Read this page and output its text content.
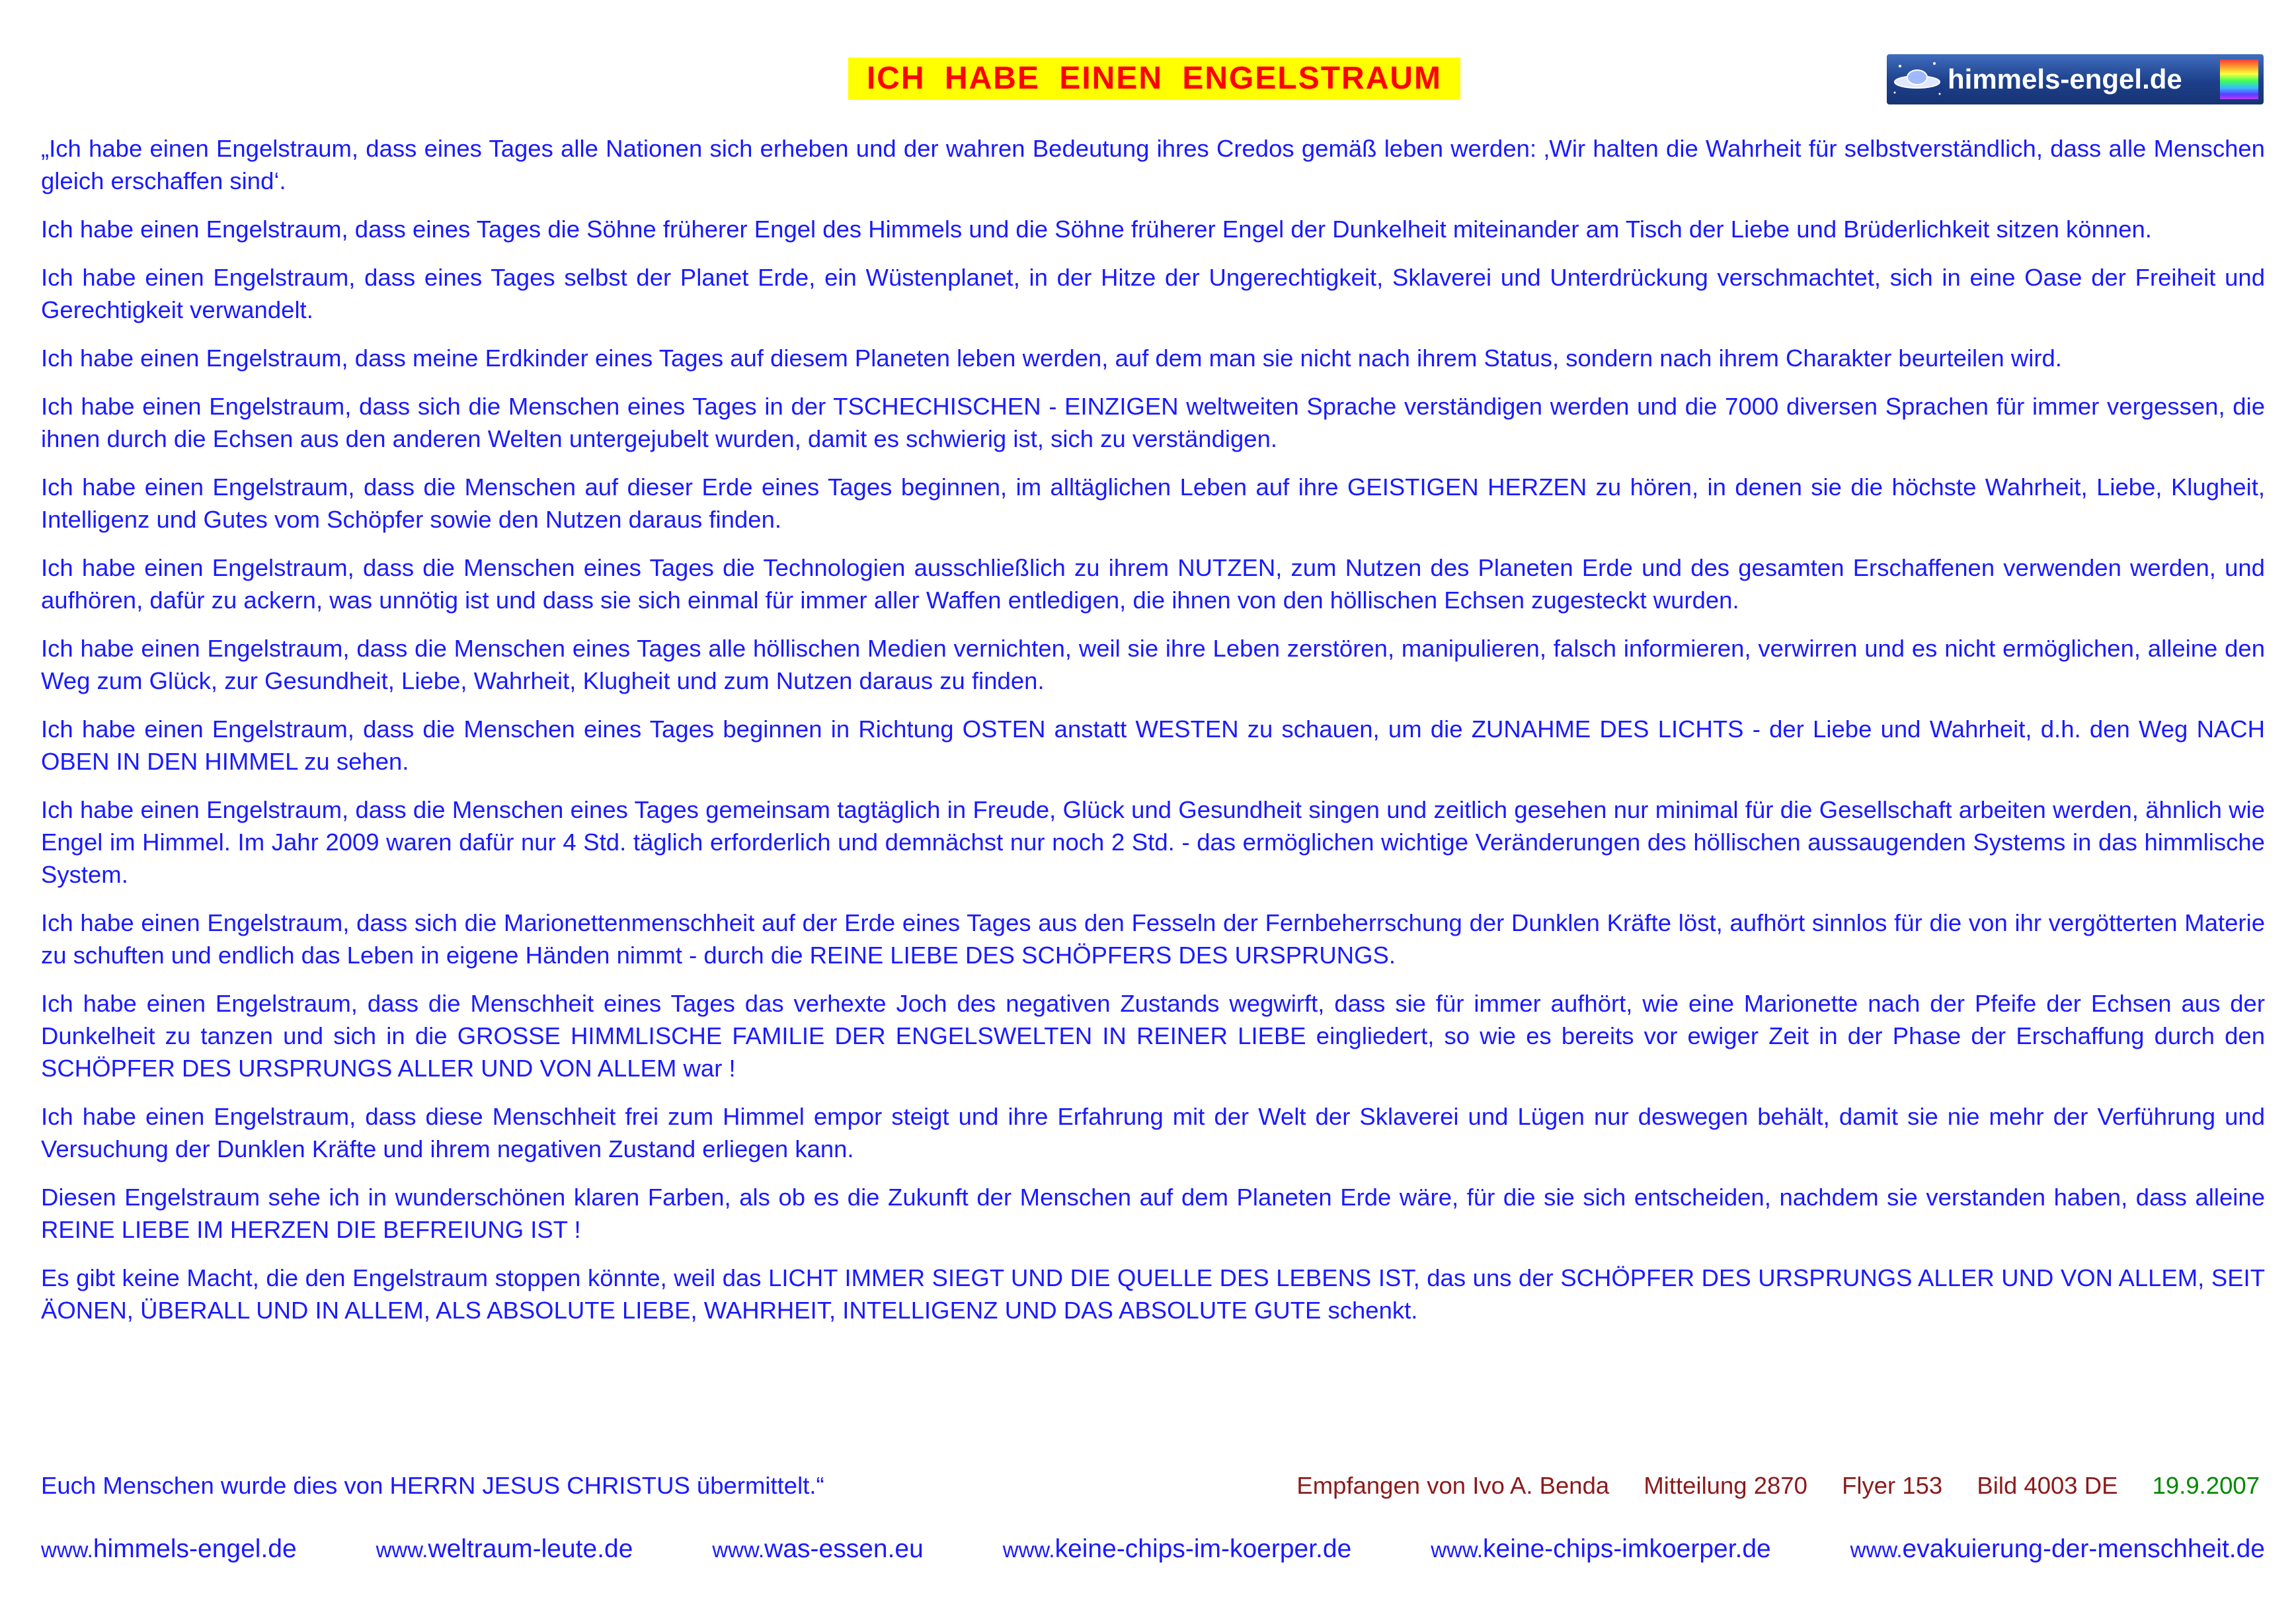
ICH HABE EINEN ENGELSTRAUM	himmels-engel.de

„Ich habe einen Engelstraum, dass eines Tages alle Nationen sich erheben und der wahren Bedeutung ihres Credos gemäß leben werden: ‚Wir halten die Wahrheit für selbstverständlich, dass alle Menschen gleich erschaffen sind‘.

Ich habe einen Engelstraum, dass eines Tages die Söhne früherer Engel des Himmels und die Söhne früherer Engel der Dunkelheit miteinander am Tisch der Liebe und Brüderlichkeit sitzen können.

Ich habe einen Engelstraum, dass eines Tages selbst der Planet Erde, ein Wüstenplanet, in der Hitze der Ungerechtigkeit, Sklaverei und Unterdrückung verschmachtet, sich in eine Oase der Freiheit und Gerechtigkeit verwandelt.

Ich habe einen Engelstraum, dass meine Erdkinder eines Tages auf diesem Planeten leben werden, auf dem man sie nicht nach ihrem Status, sondern nach ihrem Charakter beurteilen wird.

Ich habe einen Engelstraum, dass sich die Menschen eines Tages in der TSCHECHISCHEN - EINZIGEN weltweiten Sprache verständigen werden und die 7000 diversen Sprachen für immer vergessen, die ihnen durch die Echsen aus den anderen Welten untergejubelt wurden, damit es schwierig ist, sich zu verständigen.

Ich habe einen Engelstraum, dass die Menschen auf dieser Erde eines Tages beginnen, im alltäglichen Leben auf ihre GEISTIGEN HERZEN zu hören, in denen sie die höchste Wahrheit, Liebe, Klugheit, Intelligenz und Gutes vom Schöpfer sowie den Nutzen daraus finden.

Ich habe einen Engelstraum, dass die Menschen eines Tages die Technologien ausschließlich zu ihrem NUTZEN, zum Nutzen des Planeten Erde und des gesamten Erschaffenen verwenden werden, und aufhören, dafür zu ackern, was unnötig ist und dass sie sich einmal für immer aller Waffen entledigen, die ihnen von den höllischen Echsen zugesteckt wurden.

Ich habe einen Engelstraum, dass die Menschen eines Tages alle höllischen Medien vernichten, weil sie ihre Leben zerstören, manipulieren, falsch informieren, verwirren und es nicht ermöglichen, alleine den Weg zum Glück, zur Gesundheit, Liebe, Wahrheit, Klugheit und zum Nutzen daraus zu finden.

Ich habe einen Engelstraum, dass die Menschen eines Tages beginnen in Richtung OSTEN anstatt WESTEN zu schauen, um die ZUNAHME DES LICHTS - der Liebe und Wahrheit, d.h. den Weg NACH OBEN IN DEN HIMMEL zu sehen.

Ich habe einen Engelstraum, dass die Menschen eines Tages gemeinsam tagtäglich in Freude, Glück und Gesundheit singen und zeitlich gesehen nur minimal für die Gesellschaft arbeiten werden, ähnlich wie Engel im Himmel. Im Jahr 2009 waren dafür nur 4 Std. täglich erforderlich und demnächst nur noch 2 Std. - das ermöglichen wichtige Veränderungen des höllischen aussaugenden Systems in das himmlische System.

Ich habe einen Engelstraum, dass sich die Marionettenmenschheit auf der Erde eines Tages aus den Fesseln der Fernbeherrschung der Dunklen Kräfte löst, aufhört sinnlos für die von ihr vergötterten Materie zu schuften und endlich das Leben in eigene Händen nimmt - durch die REINE LIEBE DES SCHÖPFERS DES URSPRUNGS.

Ich habe einen Engelstraum, dass die Menschheit eines Tages das verhexte Joch des negativen Zustands wegwirft, dass sie für immer aufhört, wie eine Marionette nach der Pfeife der Echsen aus der Dunkelheit zu tanzen und sich in die GROSSE HIMMLISCHE FAMILIE DER ENGELSWELTEN IN REINER LIEBE eingliedert, so wie es bereits vor ewiger Zeit in der Phase der Erschaffung durch den SCHÖPFER DES URSPRUNGS ALLER UND VON ALLEM war !

Ich habe einen Engelstraum, dass diese Menschheit frei zum Himmel empor steigt und ihre Erfahrung mit der Welt der Sklaverei und Lügen nur deswegen behält, damit sie nie mehr der Verführung und Versuchung der Dunklen Kräfte und ihrem negativen Zustand erliegen kann.

Diesen Engelstraum sehe ich in wunderschönen klaren Farben, als ob es die Zukunft der Menschen auf dem Planeten Erde wäre, für die sie sich entscheiden, nachdem sie verstanden haben, dass alleine REINE LIEBE IM HERZEN DIE BEFREIUNG IST !

Es gibt keine Macht, die den Engelstraum stoppen könnte, weil das LICHT IMMER SIEGT UND DIE QUELLE DES LEBENS IST, das uns der SCHÖPFER DES URSPRUNGS ALLER UND VON ALLEM, SEIT ÄONEN, ÜBERALL UND IN ALLEM, ALS ABSOLUTE LIEBE, WAHRHEIT, INTELLIGENZ UND DAS ABSOLUTE GUTE schenkt.

Euch Menschen wurde dies von HERRN JESUS CHRISTUS übermittelt.“	Empfangen von Ivo A. Benda Mitteilung 2870 Flyer 153 Bild 4003 DE 19.9.2007
www.himmels-engel.de	www.weltraum-leute.de	www.was-essen.eu	www.keine-chips-im-koerper.de	www.keine-chips-imkoerper.de	www.evakuierung-der-menschheit.de
